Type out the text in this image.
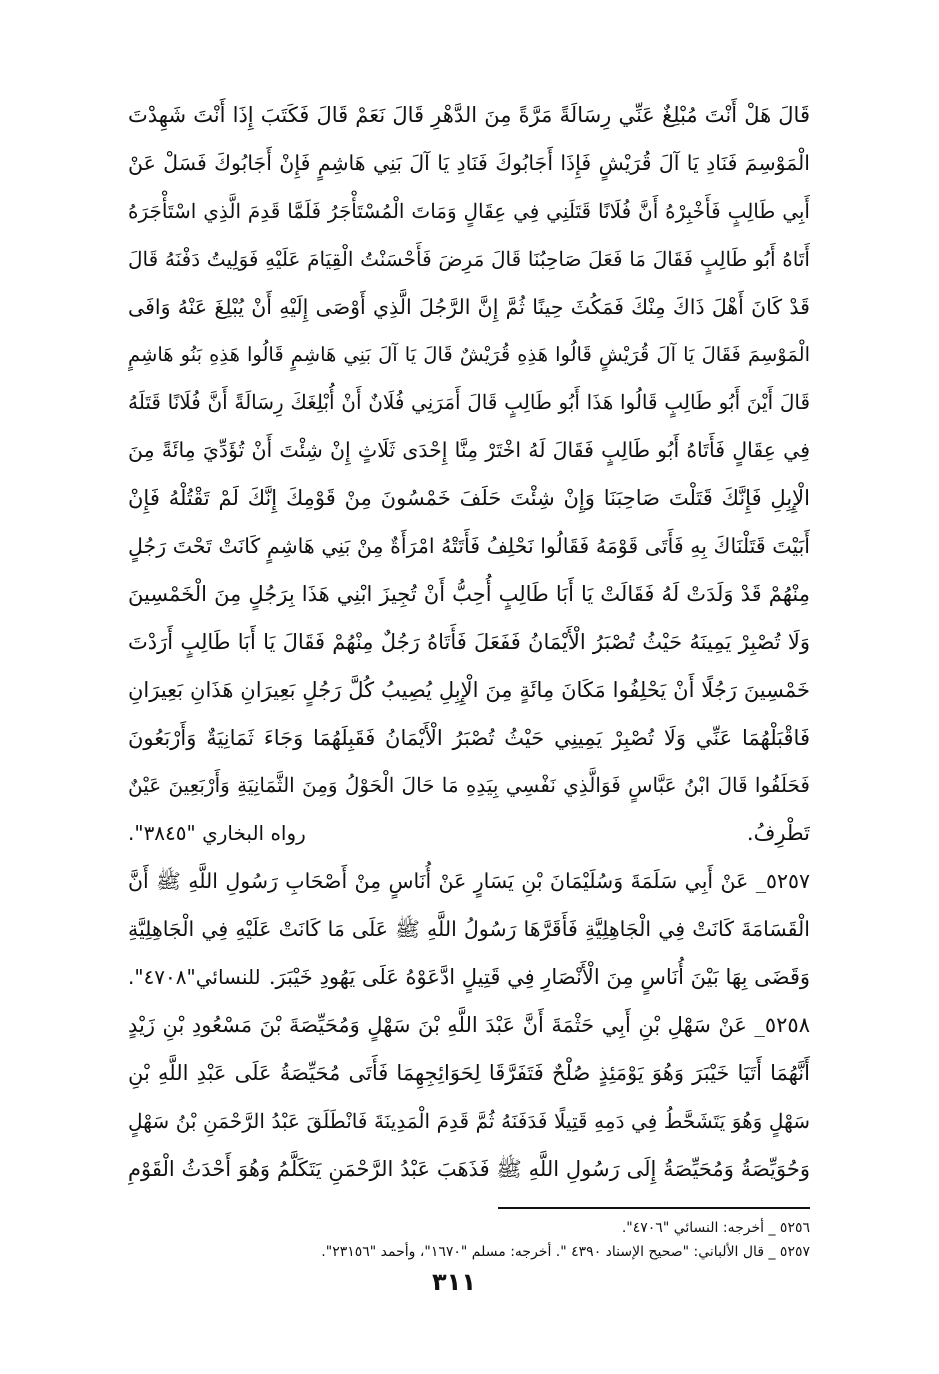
قَالَ هَلْ أَنْتَ مُبْلِغٌ عَنِّي رِسَالَةً مَرَّةً مِنَ الدَّهْرِ قَالَ نَعَمْ قَالَ فَكَتَبَ إِذَا أَنْتَ شَهِدْتَ
الْمَوْسِمَ فَنَادِ يَا آلَ قُرَيْشٍ فَإِذَا أَجَابُوكَ فَنَادِ يَا آلَ بَنِي هَاشِمٍ فَإِنْ أَجَابُوكَ فَسَلْ عَنْ
أَبِي طَالِبٍ فَأَخْبِرْهُ أَنَّ فُلَانًا قَتَلَنِي فِي عِقَالٍ وَمَاتَ الْمُسْتَأْجَرُ فَلَمَّا قَدِمَ الَّذِي اسْتَأْجَرَهُ
أَتَاهُ أَبُو طَالِبٍ فَقَالَ مَا فَعَلَ صَاحِبُنَا قَالَ مَرِضَ فَأَحْسَنْتُ الْقِيَامَ عَلَيْهِ فَوَلِيتُ دَفْنَهُ قَالَ
قَدْ كَانَ أَهْلَ ذَاكَ مِنْكَ فَمَكُثَ حِينًا ثُمَّ إِنَّ الرَّجُلَ الَّذِي أَوْصَى إِلَيْهِ أَنْ يُبْلِغَ عَنْهُ وَافَى
الْمَوْسِمَ فَقَالَ يَا آلَ قُرَيْشٍ قَالُوا هَذِهِ قُرَيْشٌ قَالَ يَا آلَ بَنِي هَاشِمٍ قَالُوا هَذِهِ بَنُو هَاشِمٍ
قَالَ أَيْنَ أَبُو طَالِبٍ قَالُوا هَذَا أَبُو طَالِبٍ قَالَ أَمَرَنِي فُلَانٌ أَنْ أُبْلِغَكَ رِسَالَةً أَنَّ فُلَانًا قَتَلَهُ
فِي عِقَالٍ فَأَتَاهُ أَبُو طَالِبٍ فَقَالَ لَهُ اخْتَرْ مِنَّا إِحْدَى ثَلَاثٍ إِنْ شِئْتَ أَنْ تُؤَدِّيَ مِائَةً مِنَ
الْإِبِلِ فَإِنَّكَ قَتَلْتَ صَاحِبَنَا وَإِنْ شِئْتَ حَلَفَ خَمْسُونَ مِنْ قَوْمِكَ إِنَّكَ لَمْ تَقْتُلْهُ فَإِنْ
أَبَيْتَ قَتَلْنَاكَ بِهِ فَأَتَى قَوْمَهُ فَقَالُوا نَحْلِفُ فَأَتَتْهُ امْرَأَةٌ مِنْ بَنِي هَاشِمٍ كَانَتْ تَحْتَ رَجُلٍ
مِنْهُمْ قَدْ وَلَدَتْ لَهُ فَقَالَتْ يَا أَبَا طَالِبٍ أُحِبُّ أَنْ تُجِيزَ ابْنِي هَذَا بِرَجُلٍ مِنَ الْخَمْسِينَ
وَلَا تُصْبِرْ يَمِينَهُ حَيْثُ تُصْبَرُ الْأَيْمَانُ فَفَعَلَ فَأَتَاهُ رَجُلٌ مِنْهُمْ فَقَالَ يَا أَبَا طَالِبٍ أَرَدْتَ
خَمْسِينَ رَجُلًا أَنْ يَحْلِفُوا مَكَانَ مِائَةٍ مِنَ الْإِبِلِ يُصِيبُ كُلَّ رَجُلٍ بَعِيرَانِ هَذَانِ بَعِيرَانِ
فَاقْبَلْهُمَا عَنِّي وَلَا تُصْبِرْ يَمِينِي حَيْثُ تُصْبَرُ الْأَيْمَانُ فَقَبِلَهُمَا وَجَاءَ ثَمَانِيَةٌ وَأَرْبَعُونَ
فَحَلَفُوا قَالَ ابْنُ عَبَّاسٍ فَوَالَّذِي نَفْسِي بِيَدِهِ مَا حَالَ الْحَوْلُ وَمِنَ الثَّمَانِيَةِ وَأَرْبَعِينَ عَيْنٌ
تَطْرِفُ.
رواه البخاري "٣٨٤٥".
٥٢٥٧_ عَنْ أَبِي سَلَمَةَ وَسُلَيْمَانَ بْنِ يَسَارٍ عَنْ أُنَاسٍ مِنْ أَصْحَابِ رَسُولِ اللَّهِ ﷺ أَنَّ
الْقَسَامَةَ كَانَتْ فِي الْجَاهِلِيَّةِ فَأَقَرَّهَا رَسُولُ اللَّهِ ﷺ عَلَى مَا كَانَتْ عَلَيْهِ فِي الْجَاهِلِيَّةِ
وَقَضَى بِهَا بَيْنَ أُنَاسٍ مِنَ الْأَنْصَارِ فِي قَتِيلٍ ادَّعَوْهُ عَلَى يَهُودِ خَيْبَرَ.
للنسائي"٤٧٠٨".
٥٢٥٨_ عَنْ سَهْلِ بْنِ أَبِي حَثْمَةَ أَنَّ عَبْدَ اللَّهِ بْنَ سَهْلٍ وَمُحَيِّصَةَ بْنَ مَسْعُودِ بْنِ زَيْدٍ
أَنَّهُمَا أَتَيَا خَيْبَرَ وَهُوَ يَوْمَئِذٍ صُلْحٌ فَتَفَرَّقَا لِحَوَائِجِهِمَا فَأَتَى مُحَيِّصَةُ عَلَى عَبْدِ اللَّهِ بْنِ
سَهْلٍ وَهُوَ يَتَشَحَّطُ فِي دَمِهِ قَتِيلًا فَدَفَنَهُ ثُمَّ قَدِمَ الْمَدِينَةَ فَانْطَلَقَ عَبْدُ الرَّحْمَنِ بْنُ سَهْلٍ
وَحُوَيِّصَةُ وَمُحَيِّصَةُ إِلَى رَسُولِ اللَّهِ ﷺ فَذَهَبَ عَبْدُ الرَّحْمَنِ يَتَكَلَّمُ وَهُوَ أَحْدَثُ الْقَوْمِ
٥٢٥٦ _ أخرجه: النسائي "٤٧٠٦".
٥٢٥٧ _ قال الألباني: "صحيح الإسناد ٤٣٩٠ ". أخرجه: مسلم "١٦٧٠"، وأحمد "٢٣١٥٦".
٣١١
